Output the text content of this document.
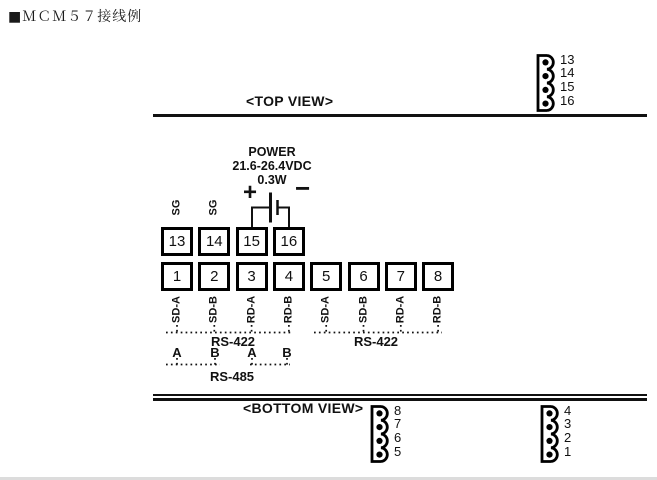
■ＭＣＭ５７接线例
<TOP VIEW>
<BOTTOM VIEW>
POWER
21.6-26.4VDC
0.3W
+ −
SG SG
13	14	15	16
1	2	3	4	5	6	7	8
SD-A SD-B RD-A RD-B SD-A SD-B RD-A RD-B
RS-422	RS-422
A	B	A	B
RS-485
13
14
15
16
8
7
6
5
4
3
2
1
